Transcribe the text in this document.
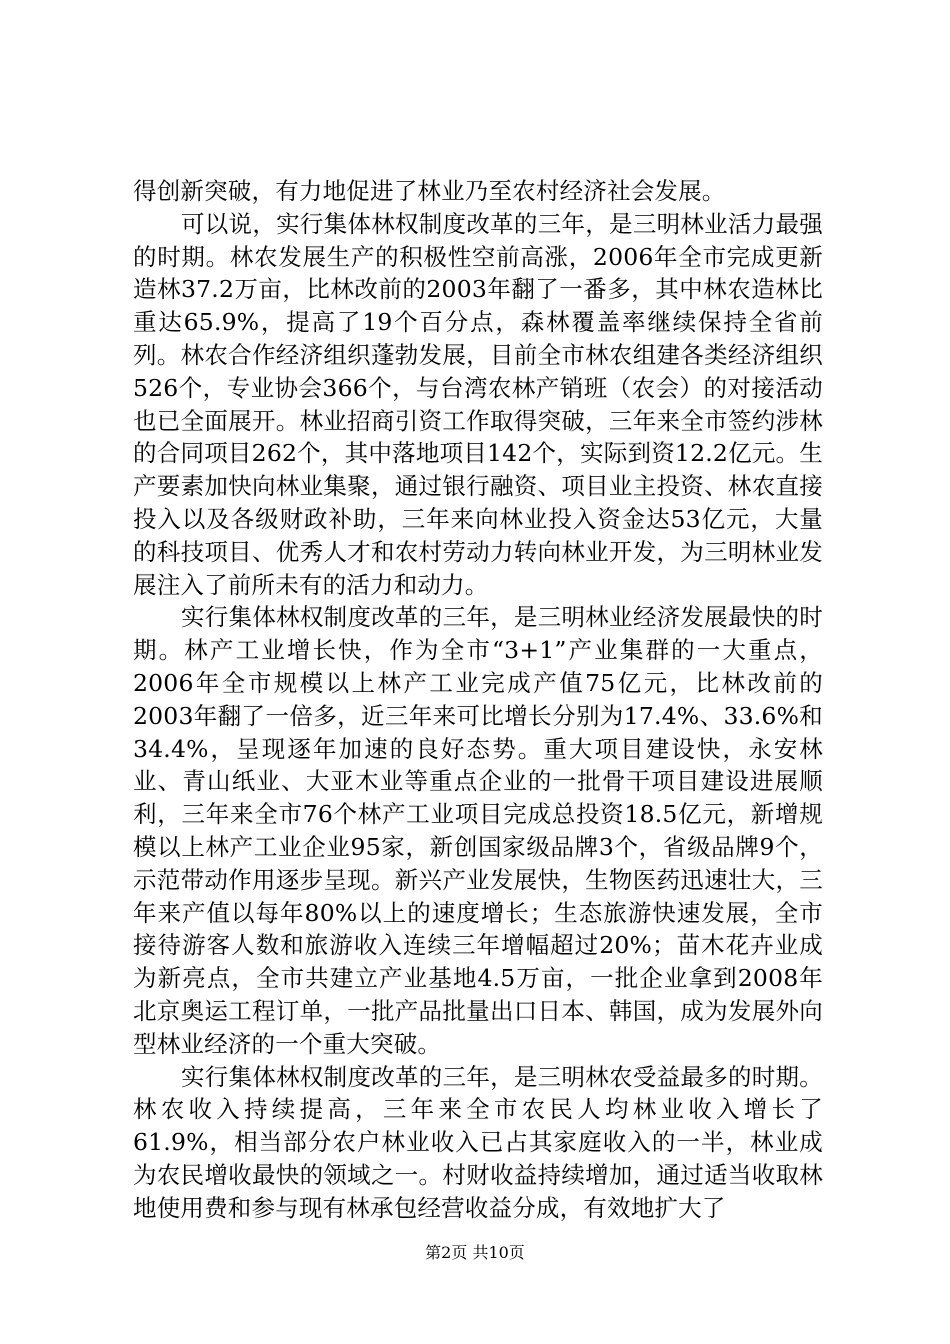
得创新突破，有力地促进了林业乃至农村经济社会发展。

可以说，实行集体林权制度改革的三年，是三明林业活力最强的时期。林农发展生产的积极性空前高涨，2006年全市完成更新造林37.2万亩，比林改前的2003年翻了一番多，其中林农造林比重达65.9%，提高了19个百分点，森林覆盖率继续保持全省前列。林农合作经济组织蓬勃发展，目前全市林农组建各类经济组织526个，专业协会366个，与台湾农林产销班（农会）的对接活动也已全面展开。林业招商引资工作取得突破，三年来全市签约涉林的合同项目262个，其中落地项目142个，实际到资12.2亿元。生产要素加快向林业集聚，通过银行融资、项目业主投资、林农直接投入以及各级财政补助，三年来向林业投入资金达53亿元，大量的科技项目、优秀人才和农村劳动力转向林业开发，为三明林业发展注入了前所未有的活力和动力。

实行集体林权制度改革的三年，是三明林业经济发展最快的时期。林产工业增长快，作为全市“3+1”产业集群的一大重点，2006年全市规模以上林产工业完成产值75亿元，比林改前的2003年翻了一倍多，近三年来可比增长分别为17.4%、33.6%和34.4%，呈现逐年加速的良好态势。重大项目建设快，永安林业、青山纸业、大亚木业等重点企业的一批骨干项目建设进展顺利，三年来全市76个林产工业项目完成总投资18.5亿元，新增规模以上林产工业企业95家，新创国家级品牌3个，省级品牌9个，示范带动作用逐步呈现。新兴产业发展快，生物医药迅速壮大，三年来产值以每年80%以上的速度增长；生态旅游快速发展，全市接待游客人数和旅游收入连续三年增幅超过20%；苗木花卉业成为新亮点，全市共建立产业基地4.5万亩，一批企业拿到2008年北京奥运工程订单，一批产品批量出口日本、韩国，成为发展外向型林业经济的一个重大突破。

实行集体林权制度改革的三年，是三明林农受益最多的时期。林农收入持续提高，三年来全市农民人均林业收入增长了61.9%，相当部分农户林业收入已占其家庭收入的一半，林业成为农民增收最快的领域之一。村财收益持续增加，通过适当收取林地使用费和参与现有林承包经营收益分成，有效地扩大了

第2页 共10页
